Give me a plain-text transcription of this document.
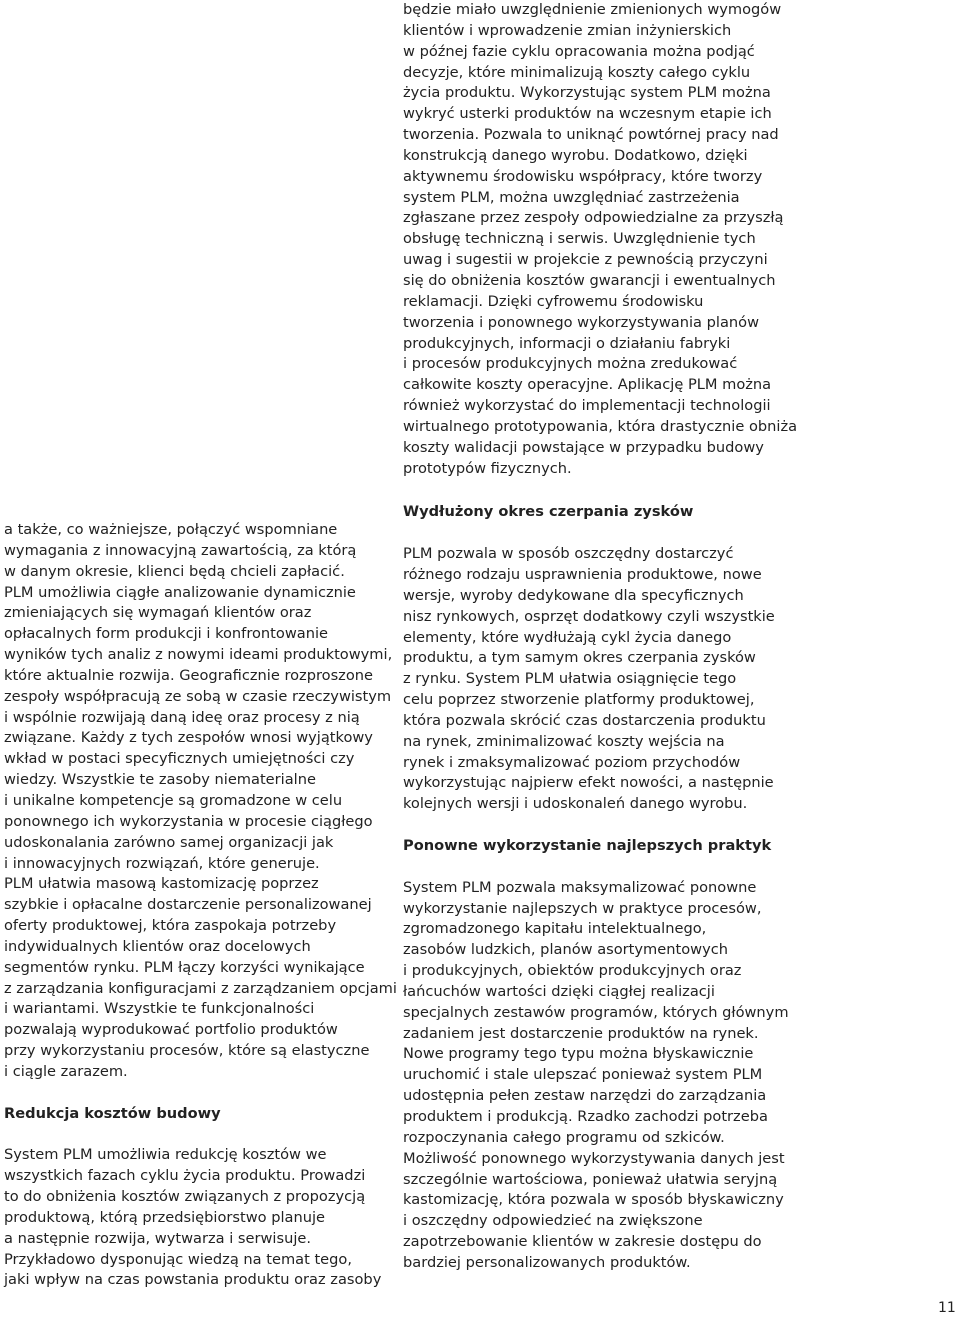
a także, co ważniejsze, połączyć wspomniane
wymagania z innowacyjną zawartością, za którą
w danym okresie, klienci będą chcieli zapłacić.
PLM umożliwia ciągłe analizowanie dynamicznie
zmieniających się wymagań klientów oraz
opłacalnych form produkcji i konfrontowanie
wyników tych analiz z nowymi ideami produktowymi,
które aktualnie rozwija. Geograficznie rozproszone
zespoły współpracują ze sobą w czasie rzeczywistym
i wspólnie rozwijają daną ideę oraz procesy z nią
związane. Każdy z tych zespołów wnosi wyjątkowy
wkład w postaci specyficznych umiejętności czy
wiedzy. Wszystkie te zasoby niematerialne
i unikalne kompetencje są gromadzone w celu
ponownego ich wykorzystania w procesie ciągłego
udoskonalania zarówno samej organizacji jak
i innowacyjnych rozwiązań, które generuje.
PLM ułatwia masową kastomizację poprzez
szybkie i opłacalne dostarczenie personalizowanej
oferty produktowej, która zaspokaja potrzeby
indywidualnych klientów oraz docelowych
segmentów rynku. PLM łączy korzyści wynikające
z zarządzania konfiguracjami z zarządzaniem opcjami
i wariantami. Wszystkie te funkcjonalności
pozwalają wyprodukować portfolio produktów
przy wykorzystaniu procesów, które są elastyczne
i ciągle zarazem.
Redukcja kosztów budowy
System PLM umożliwia redukcję kosztów we
wszystkich fazach cyklu życia produktu. Prowadzi
to do obniżenia kosztów związanych z propozycją
produktową, którą przedsiębiorstwo planuje
a następnie rozwija, wytwarza i serwisuje.
Przykładowo dysponując wiedzą na temat tego,
jaki wpływ na czas powstania produktu oraz zasoby
będzie miało uwzględnienie zmienionych wymogów
klientów i wprowadzenie zmian inżynierskich
w późnej fazie cyklu opracowania można podjąć
decyzje, które minimalizują koszty całego cyklu
życia produktu. Wykorzystując system PLM można
wykryć usterki produktów na wczesnym etapie ich
tworzenia. Pozwala to uniknąć powtórnej pracy nad
konstrukcją danego wyrobu. Dodatkowo, dzięki
aktywnemu środowisku współpracy, które tworzy
system PLM, można uwzględniać zastrzeżenia
zgłaszane przez zespoły odpowiedzialne za przyszłą
obsługę techniczną i serwis. Uwzględnienie tych
uwag i sugestii w projekcie z pewnością przyczyni
się do obniżenia kosztów gwarancji i ewentualnych
reklamacji. Dzięki cyfrowemu środowisku
tworzenia i ponownego wykorzystywania planów
produkcyjnych, informacji o działaniu fabryki
i procesów produkcyjnych można zredukować
całkowite koszty operacyjne. Aplikację PLM można
również wykorzystać do implementacji technologii
wirtualnego prototypowania, która drastycznie obniża
koszty walidacji powstające w przypadku budowy
prototypów fizycznych.
Wydłużony okres czerpania zysków
PLM pozwala w sposób oszczędny dostarczyć
różnego rodzaju usprawnienia produktowe, nowe
wersje, wyroby dedykowane dla specyficznych
nisz rynkowych, osprzęt dodatkowy czyli wszystkie
elementy, które wydłużają cykl życia danego
produktu, a tym samym okres czerpania zysków
z rynku. System PLM ułatwia osiągnięcie tego
celu poprzez stworzenie platformy produktowej,
która pozwala skrócić czas dostarczenia produktu
na rynek, zminimalizować koszty wejścia na
rynek i zmaksymalizować poziom przychodów
wykorzystując najpierw efekt nowości, a następnie
kolejnych wersji i udoskonaleń danego wyrobu.
Ponowne wykorzystanie najlepszych praktyk
System PLM pozwala maksymalizować ponowne
wykorzystanie najlepszych w praktyce procesów,
zgromadzonego kapitału intelektualnego,
zasobów ludzkich, planów asortymentowych
i produkcyjnych, obiektów produkcyjnych oraz
łańcuchów wartości dzięki ciągłej realizacji
specjalnych zestawów programów, których głównym
zadaniem jest dostarczenie produktów na rynek.
Nowe programy tego typu można błyskawicznie
uruchomić i stale ulepszać ponieważ system PLM
udostępnia pełen zestaw narzędzi do zarządzania
produktem i produkcją. Rzadko zachodzi potrzeba
rozpoczynania całego programu od szkiców.
Możliwość ponownego wykorzystywania danych jest
szczególnie wartościowa, ponieważ ułatwia seryjną
kastomizację, która pozwala w sposób błyskawiczny
i oszczędny odpowiedzieć na zwiększone
zapotrzebowanie klientów w zakresie dostępu do
bardziej personalizowanych produktów.
11
